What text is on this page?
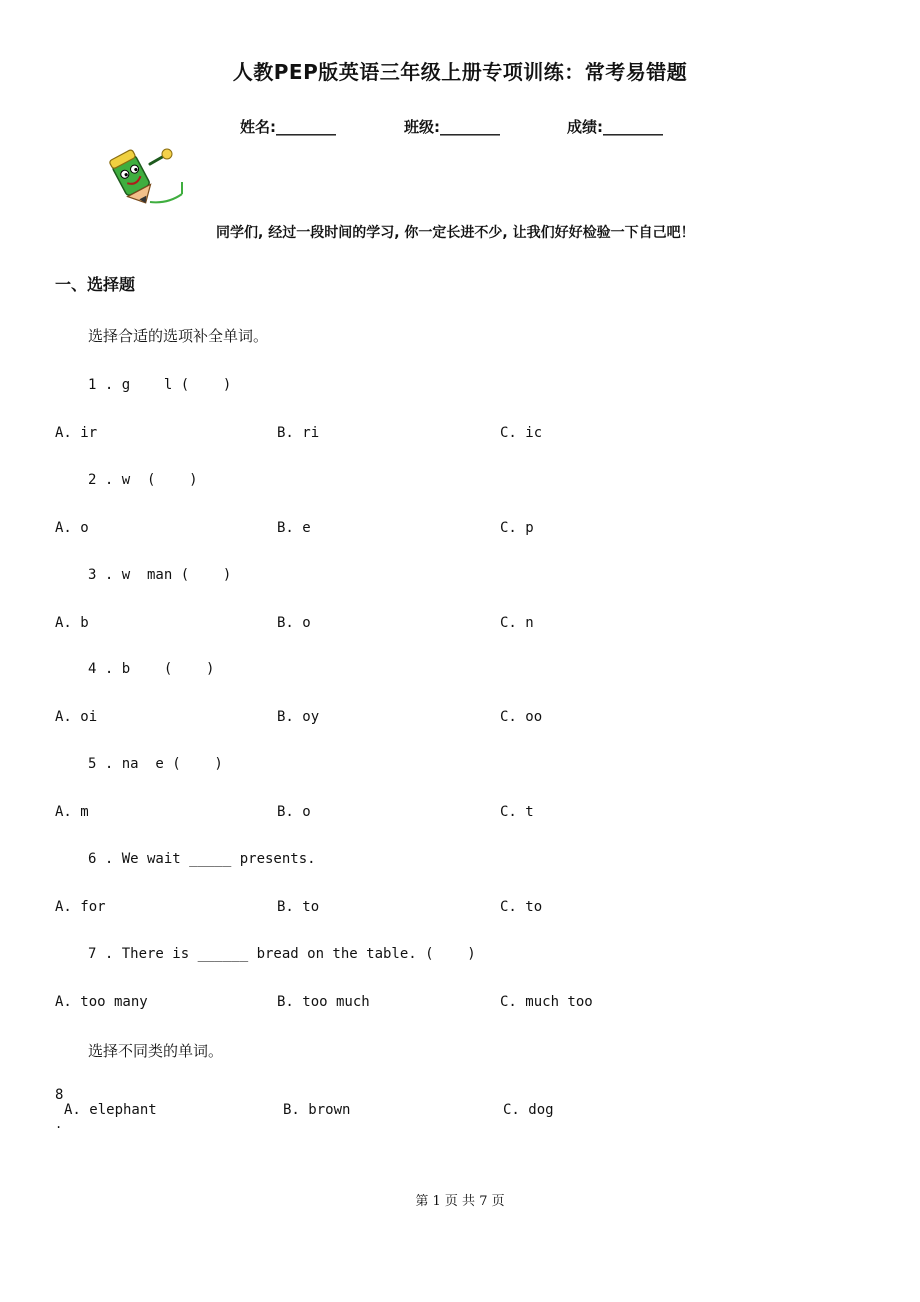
人教PEP版英语三年级上册专项训练：常考易错题
姓名:________	班级:________	成绩:________
同学们, 经过一段时间的学习, 你一定长进不少, 让我们好好检验一下自己吧！
一、选择题
选择合适的选项补全单词。
1 . g    l (    )
A. ir	B. ri	C. ic
2 . w  (    )
A. o	B. e	C. p
3 . w  man (    )
A. b	B. o	C. n
4 . b    (    )
A. oi	B. oy	C. oo
5 . na  e (    )
A. m	B. o	C. t
6 . We wait _____ presents.
A. for	B. to	C. to
7 . There is ______ bread on the table. (    )
A. too many	B. too much	C. much too
选择不同类的单词。
8
.
A. elephant	B. brown	C. dog
第 1 页 共 7 页
